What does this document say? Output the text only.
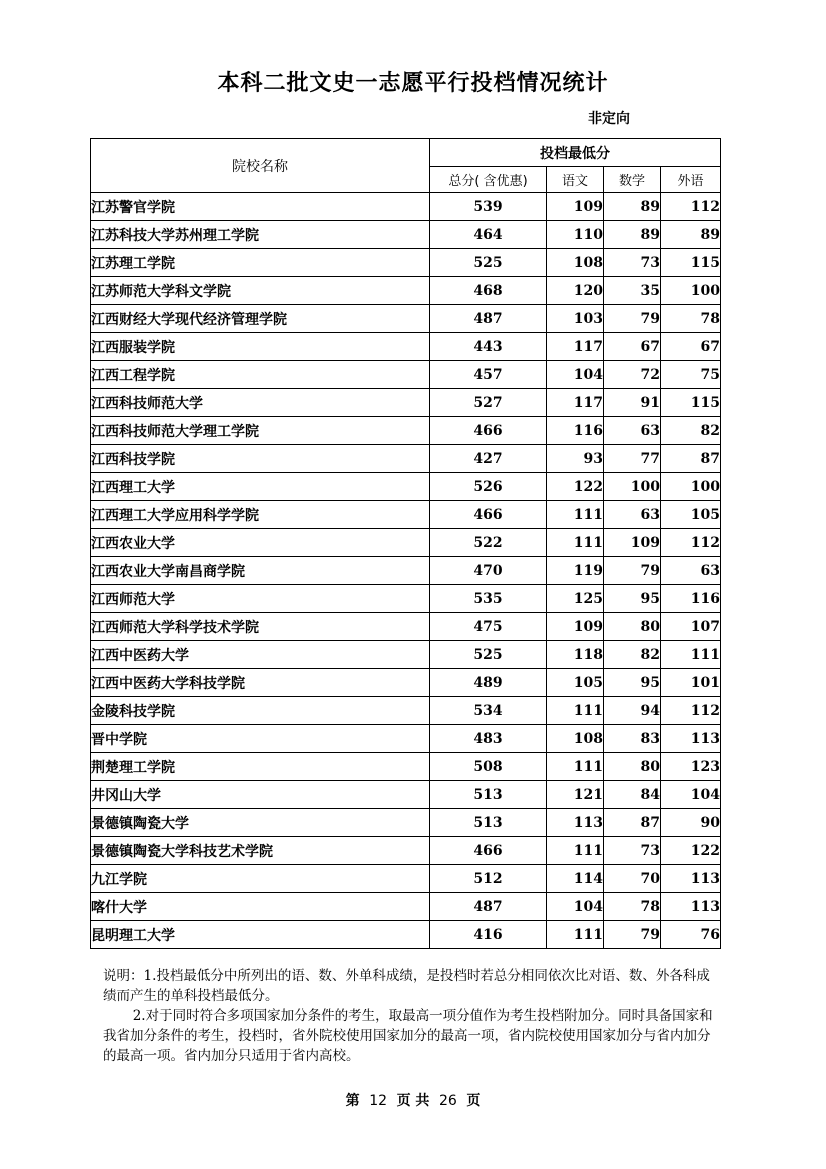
本科二批文史一志愿平行投档情况统计
非定向
院校名称	投档最低分			
	总分( 含优惠)	语文	数学	外语
江苏警官学院	539	109	89	112
江苏科技大学苏州理工学院	464	110	89	89
江苏理工学院	525	108	73	115
江苏师范大学科文学院	468	120	35	100
江西财经大学现代经济管理学院	487	103	79	78
江西服装学院	443	117	67	67
江西工程学院	457	104	72	75
江西科技师范大学	527	117	91	115
江西科技师范大学理工学院	466	116	63	82
江西科技学院	427	93	77	87
江西理工大学	526	122	100	100
江西理工大学应用科学学院	466	111	63	105
江西农业大学	522	111	109	112
江西农业大学南昌商学院	470	119	79	63
江西师范大学	535	125	95	116
江西师范大学科学技术学院	475	109	80	107
江西中医药大学	525	118	82	111
江西中医药大学科技学院	489	105	95	101
金陵科技学院	534	111	94	112
晋中学院	483	108	83	113
荆楚理工学院	508	111	80	123
井冈山大学	513	121	84	104
景德镇陶瓷大学	513	113	87	90
景德镇陶瓷大学科技艺术学院	466	111	73	122
九江学院	512	114	70	113
喀什大学	487	104	78	113
昆明理工大学	416	111	79	76

说明：1.投档最低分中所列出的语、数、外单科成绩，是投档时若总分相同依次比对语、数、外各科成绩而产生的单科投档最低分。

2.对于同时符合多项国家加分条件的考生，取最高一项分值作为考生投档附加分。同时具备国家和我省加分条件的考生，投档时，省外院校使用国家加分的最高一项，省内院校使用国家加分与省内加分的最高一项。省内加分只适用于省内高校。

第 12 页 共 26 页
